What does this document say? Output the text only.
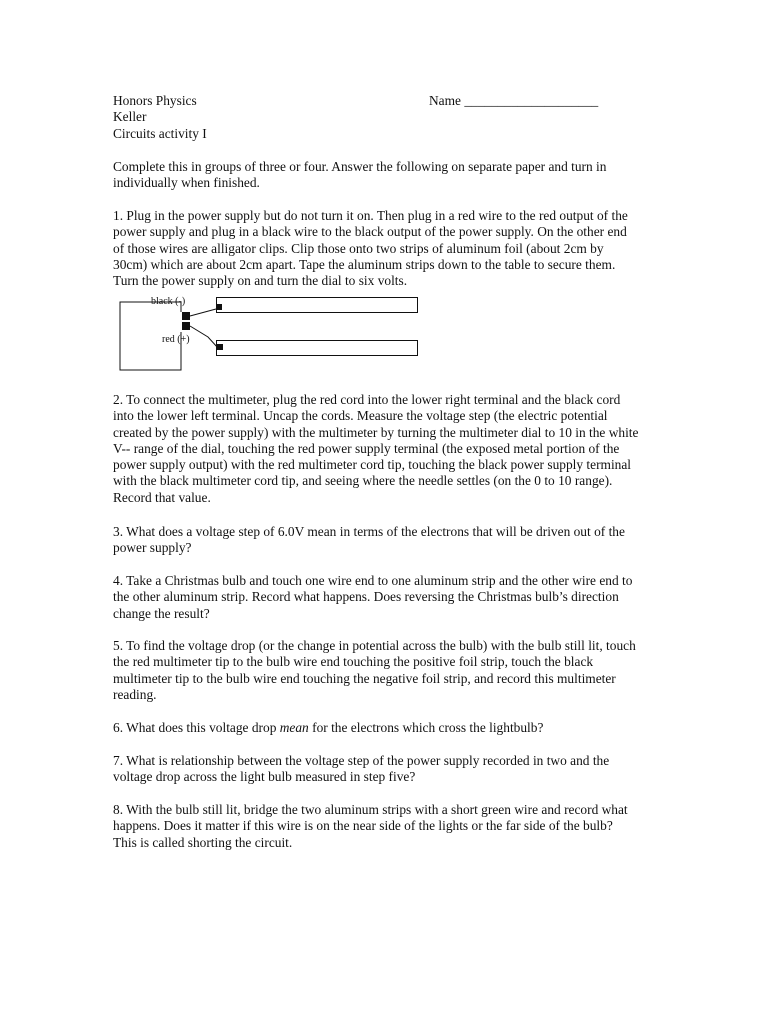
Honors Physics
Keller
Circuits activity I
Name ____________________
Complete this in groups of three or four. Answer the following on separate paper and turn in
individually when finished.
1. Plug in the power supply but do not turn it on. Then plug in a red wire to the red output of the
power supply and plug in a black wire to the black output of the power supply. On the other end
of those wires are alligator clips. Clip those onto two strips of aluminum foil (about 2cm by
30cm) which are about 2cm apart. Tape the aluminum strips down to the table to secure them.
Turn the power supply on and turn the dial to six volts.
black (-)
red (+)
2. To connect the multimeter, plug the red cord into the lower right terminal and the black cord
into the lower left terminal. Uncap the cords. Measure the voltage step (the electric potential
created by the power supply) with the multimeter by turning the multimeter dial to 10 in the white
V-- range of the dial, touching the red power supply terminal (the exposed metal portion of the
power supply output) with the red multimeter cord tip, touching the black power supply terminal
with the black multimeter cord tip, and seeing where the needle settles (on the 0 to 10 range).
Record that value.
3. What does a voltage step of 6.0V mean in terms of the electrons that will be driven out of the
power supply?
4. Take a Christmas bulb and touch one wire end to one aluminum strip and the other wire end to
the other aluminum strip. Record what happens. Does reversing the Christmas bulb’s direction
change the result?
5. To find the voltage drop (or the change in potential across the bulb) with the bulb still lit, touch
the red multimeter tip to the bulb wire end touching the positive foil strip, touch the black
multimeter tip to the bulb wire end touching the negative foil strip, and record this multimeter
reading.
6. What does this voltage drop mean for the electrons which cross the lightbulb?
7. What is relationship between the voltage step of the power supply recorded in two and the
voltage drop across the light bulb measured in step five?
8. With the bulb still lit, bridge the two aluminum strips with a short green wire and record what
happens. Does it matter if this wire is on the near side of the lights or the far side of the bulb?
This is called shorting the circuit.
